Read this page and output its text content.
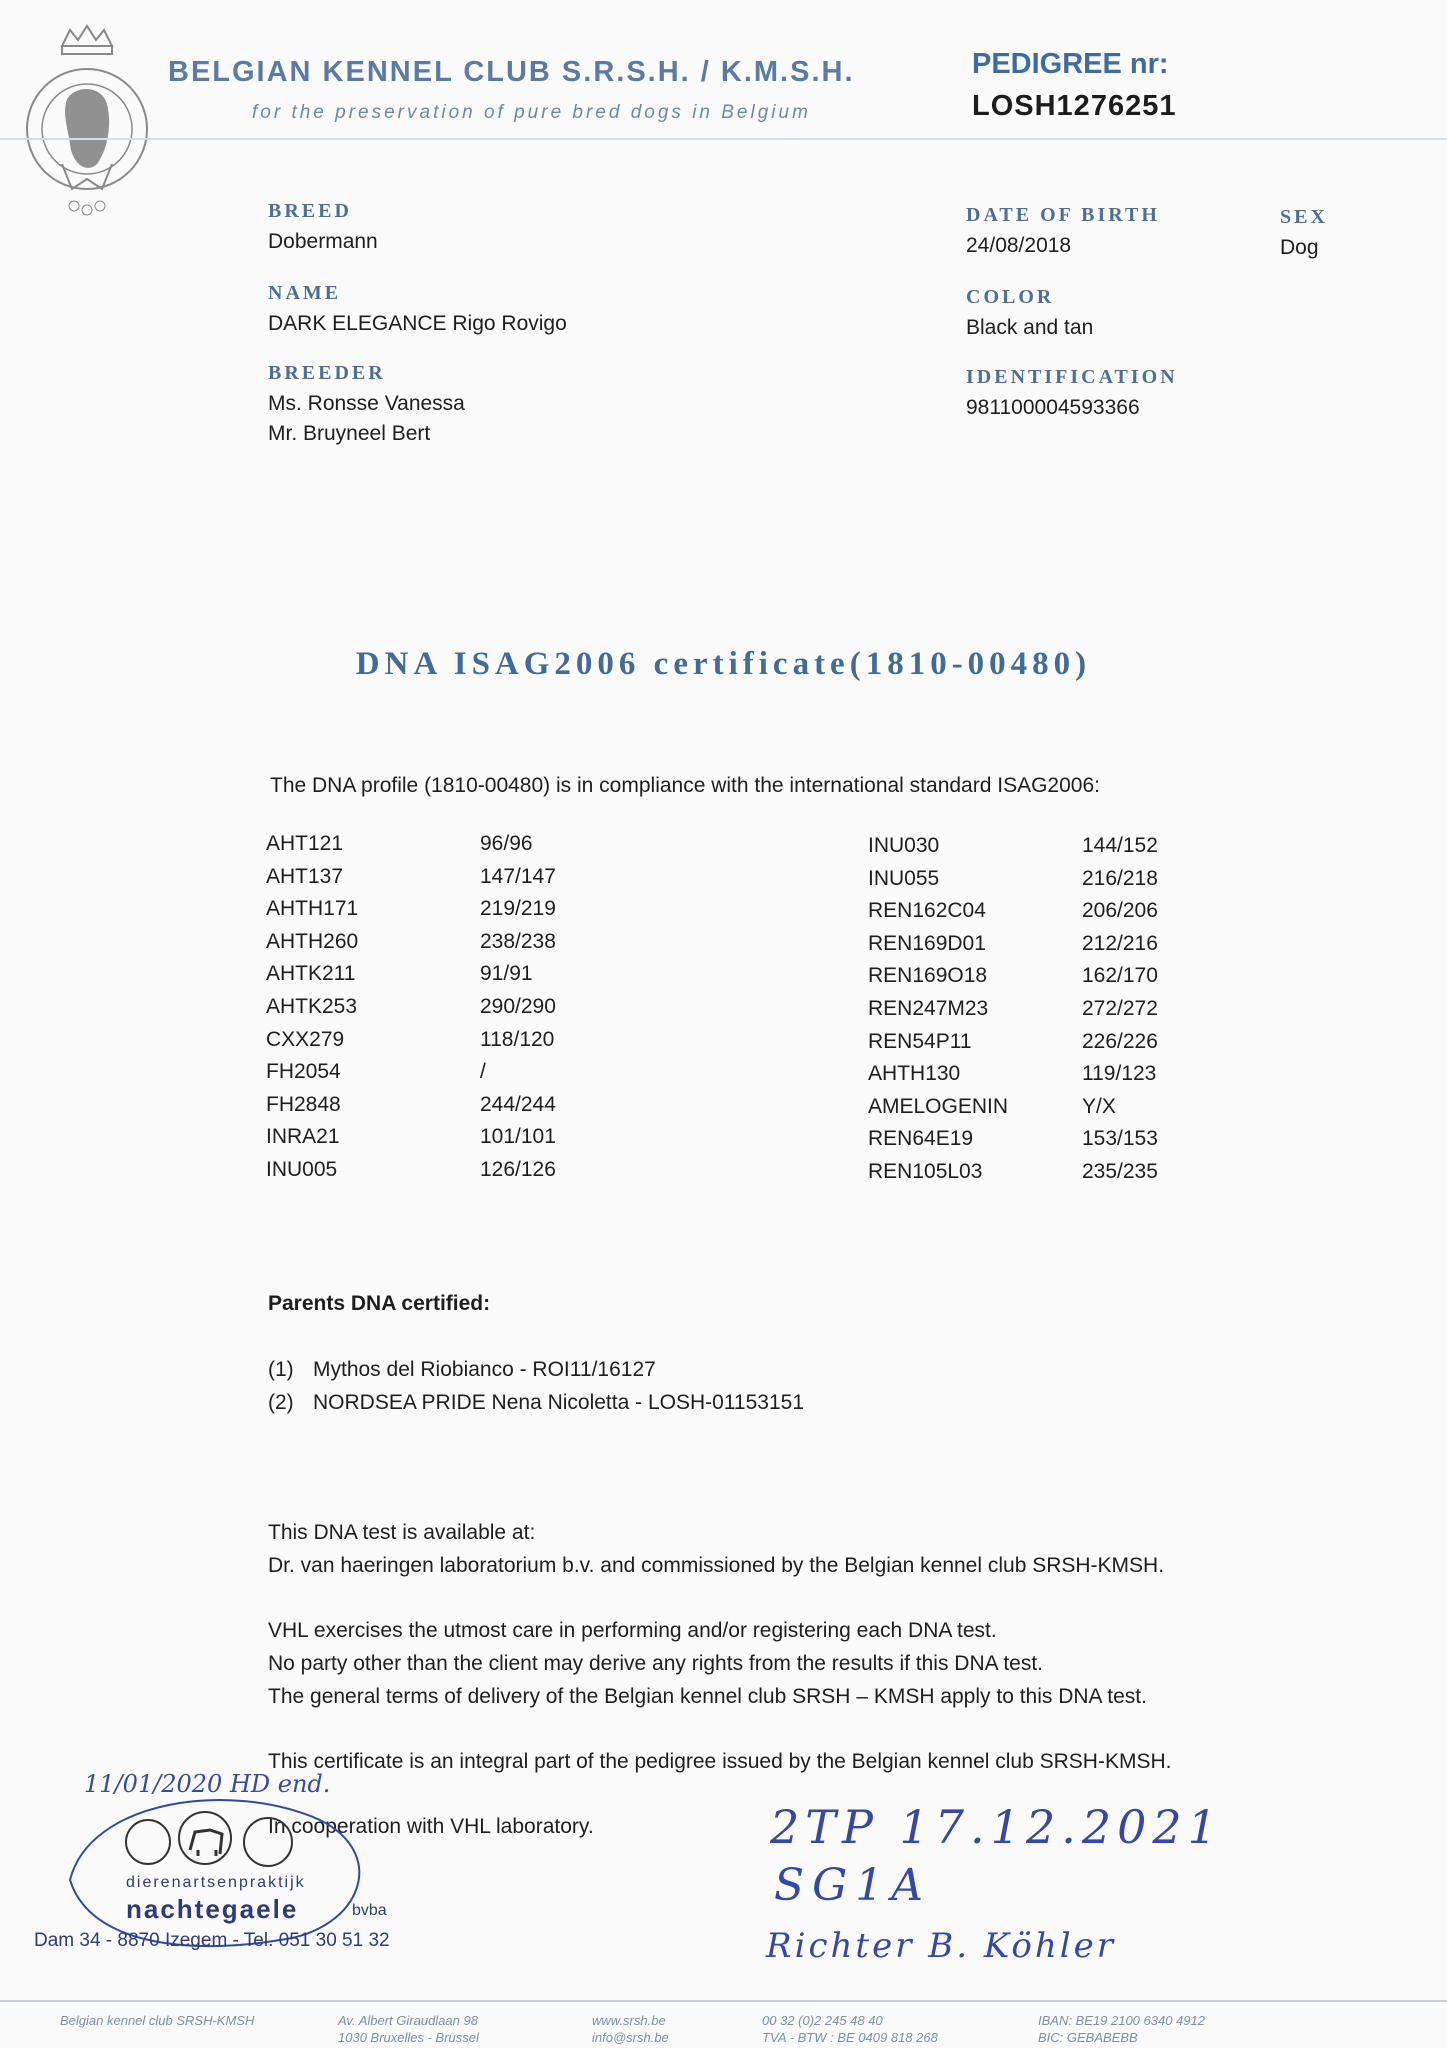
BELGIAN KENNEL CLUB S.R.S.H. / K.M.S.H.
for the preservation of pure bred dogs in Belgium
PEDIGREE nr:
LOSH1276251
BREED
Dobermann
NAME
DARK ELEGANCE Rigo Rovigo
BREEDER
Ms. Ronsse Vanessa
Mr. Bruyneel Bert
DATE OF BIRTH
24/08/2018
SEX
Dog
COLOR
Black and tan
IDENTIFICATION
981100004593366
DNA ISAG2006 certificate(1810-00480)
The DNA profile (1810-00480) is in compliance with the international standard ISAG2006:
AHT121	96/96
AHT137	147/147
AHTH171	219/219
AHTH260	238/238
AHTK211	91/91
AHTK253	290/290
CXX279	118/120
FH2054	/
FH2848	244/244
INRA21	101/101
INU005	126/126
INU030	144/152
INU055	216/218
REN162C04	206/206
REN169D01	212/216
REN169O18	162/170
REN247M23	272/272
REN54P11	226/226
AHTH130	119/123
AMELOGENIN	Y/X
REN64E19	153/153
REN105L03	235/235
Parents DNA certified:
(1) Mythos del Riobianco - ROI11/16127
(2) NORDSEA PRIDE Nena Nicoletta - LOSH-01153151
This DNA test is available at:
Dr. van haeringen laboratorium b.v. and commissioned by the Belgian kennel club SRSH-KMSH.
VHL exercises the utmost care in performing and/or registering each DNA test.
No party other than the client may derive any rights from the results if this DNA test.
The general terms of delivery of the Belgian kennel club SRSH – KMSH apply to this DNA test.
This certificate is an integral part of the pedigree issued by the Belgian kennel club SRSH-KMSH.
In cooperation with VHL laboratory.
dierenartsenpraktijk
nachtegaele	bvba
Dam 34 - 8870 Izegem - Tel. 051 30 51 32
11/01/2020 HD end.
2TP 17.12.2021
SG1A
Richter B. Köhler
Belgian kennel club SRSH-KMSH	Av. Albert Giraudlaan 98
1030 Bruxelles - Brussel
www.srsh.be
info@srsh.be
00 32 (0)2 245 48 40
TVA - BTW : BE 0409 818 268
IBAN: BE19 2100 6340 4912
BIC: GEBABEBB
